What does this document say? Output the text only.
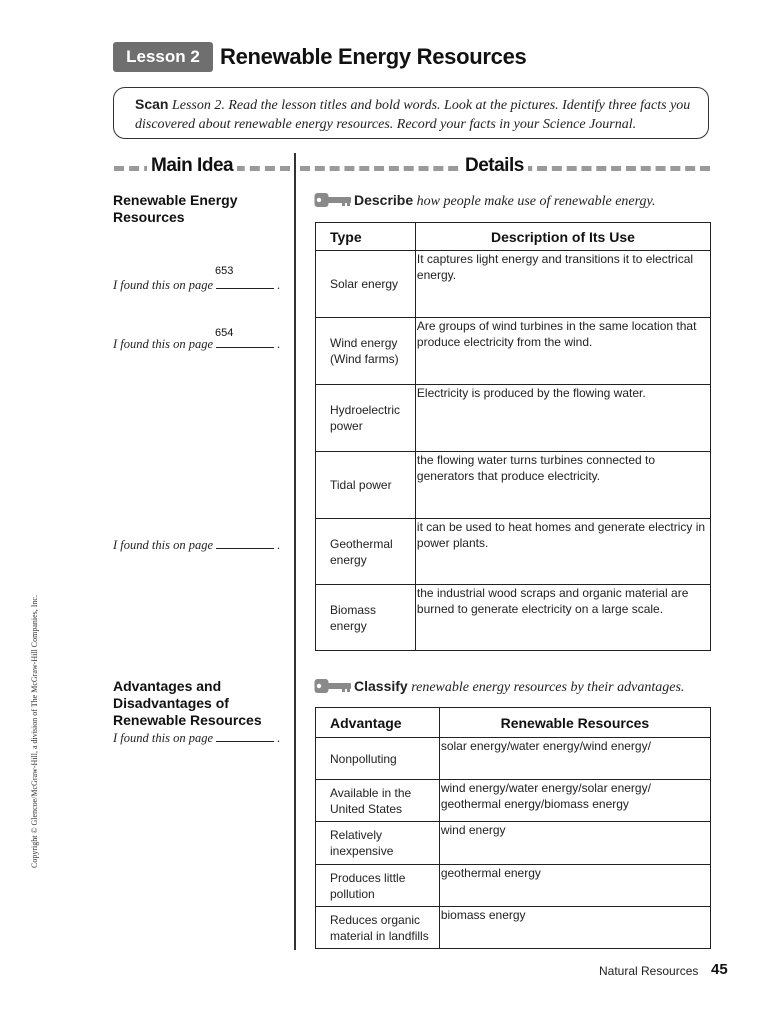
Lesson 2 Renewable Energy Resources
Scan Lesson 2. Read the lesson titles and bold words. Look at the pictures. Identify three facts you discovered about renewable energy resources. Record your facts in your Science Journal.
Main Idea	Details
Renewable Energy Resources
653
I found this on page	.
654
I found this on page	.
I found this on page	.
Advantages and Disadvantages of Renewable Resources
I found this on page	.
Describe how people make use of renewable energy.
Type	Description of Its Use
Solar energy	It captures light energy and transitions it to electrical energy.
Wind energy (Wind farms)	Are groups of wind turbines in the same location that produce electricity from the wind.
Hydroelectric power	Electricity is produced by the flowing water.
Tidal power	the flowing water turns turbines connected to generators that produce electricity.
Geothermal energy	it can be used to heat homes and generate electricy in power plants.
Biomass energy	the industrial wood scraps and organic material are burned to generate electricity on a large scale.
Classify renewable energy resources by their advantages.
Advantage	Renewable Resources
Nonpolluting	solar energy/water energy/wind energy/
Available in the United States	wind energy/water energy/solar energy/ geothermal energy/biomass energy
Relatively inexpensive	wind energy
Produces little pollution	geothermal energy
Reduces organic material in landfills	biomass energy
Natural Resources 45
Copyright © Glencoe/McGraw-Hill, a division of The McGraw-Hill Companies, Inc.
